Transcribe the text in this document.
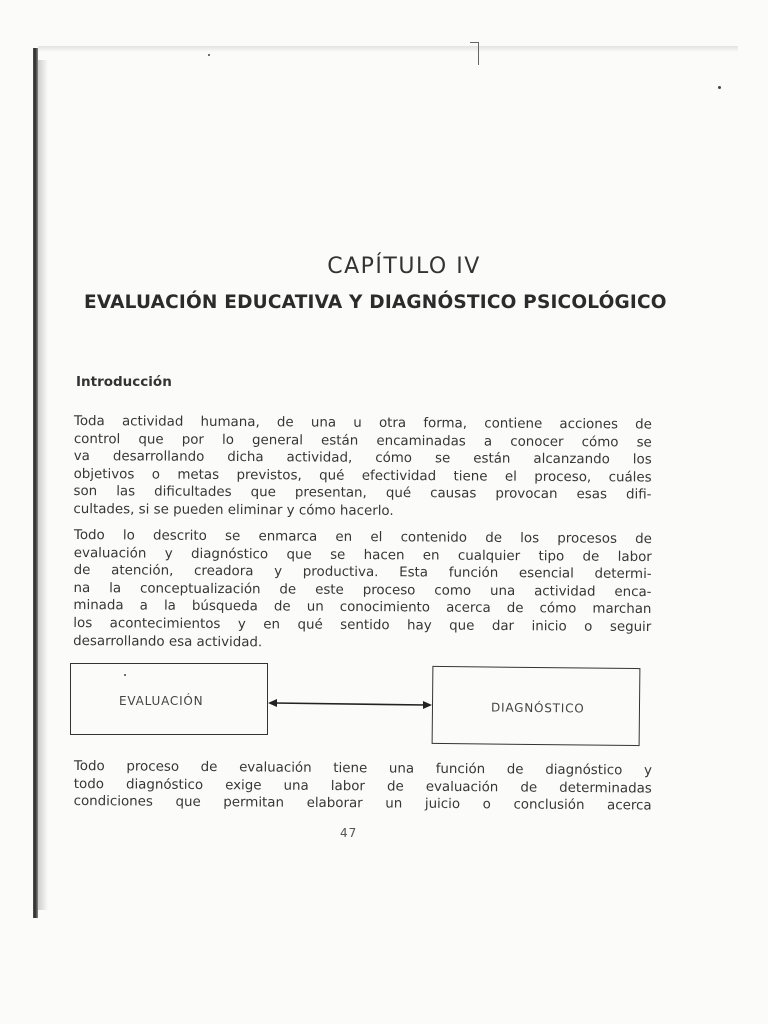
CAPÍTULO IV
EVALUACIÓN EDUCATIVA Y DIAGNÓSTICO PSICOLÓGICO
Introducción
Toda actividad humana, de una u otra forma, contiene acciones de
control que por lo general están encaminadas a conocer cómo se
va desarrollando dicha actividad, cómo se están alcanzando los
objetivos o metas previstos, qué efectividad tiene el proceso, cuáles
son las dificultades que presentan, qué causas provocan esas difi-
cultades, si se pueden eliminar y cómo hacerlo.
Todo lo descrito se enmarca en el contenido de los procesos de
evaluación y diagnóstico que se hacen en cualquier tipo de labor
de atención, creadora y productiva. Esta función esencial determi-
na la conceptualización de este proceso como una actividad enca-
minada a la búsqueda de un conocimiento acerca de cómo marchan
los acontecimientos y en qué sentido hay que dar inicio o seguir
desarrollando esa actividad.
EVALUACIÓN	DIAGNÓSTICO
Todo proceso de evaluación tiene una función de diagnóstico y
todo diagnóstico exige una labor de evaluación de determinadas
condiciones que permitan elaborar un juicio o conclusión acerca
47
